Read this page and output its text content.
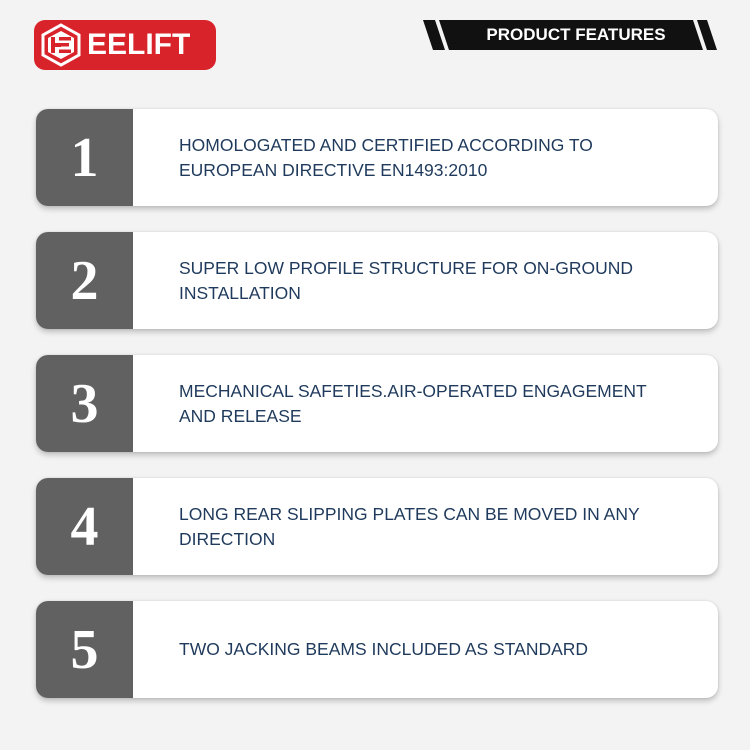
EELIFT	PRODUCT FEATURES
1	HOMOLOGATED AND CERTIFIED ACCORDING TO EUROPEAN DIRECTIVE EN1493:2010
2	SUPER LOW PROFILE STRUCTURE FOR ON-GROUND INSTALLATION
3	MECHANICAL SAFETIES.AIR-OPERATED ENGAGEMENT AND RELEASE
4	LONG REAR SLIPPING PLATES CAN BE MOVED IN ANY DIRECTION
5	TWO JACKING BEAMS INCLUDED AS STANDARD
